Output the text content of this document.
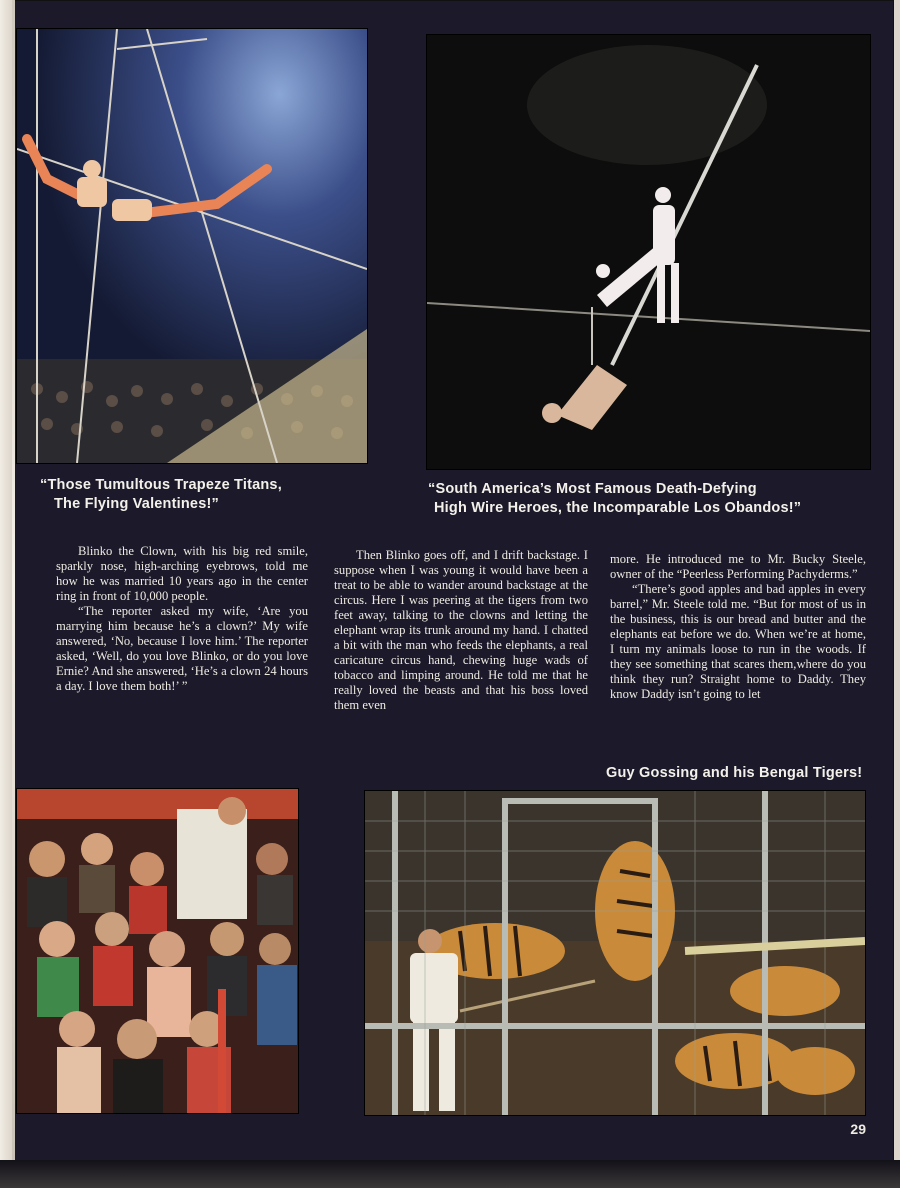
“Those Tumultous Trapeze Titans,
The Flying Valentines!”
“South America’s Most Famous Death-Defying
High Wire Heroes, the Incomparable Los Obandos!”

Blinko the Clown, with his big red smile, sparkly nose, high-arching eyebrows, told me how he was married 10 years ago in the center ring in front of 10,000 people.

“The reporter asked my wife, ‘Are you marrying him because he’s a clown?’ My wife answered, ‘No, because I love him.’ The reporter asked, ‘Well, do you love Blinko, or do you love Ernie? And she answered, ‘He’s a clown 24 hours a day. I love them both!’ ”

Then Blinko goes off, and I drift backstage. I suppose when I was young it would have been a treat to be able to wander around backstage at the circus. Here I was peering at the tigers from two feet away, talking to the clowns and letting the elephant wrap its trunk around my hand. I chatted a bit with the man who feeds the elephants, a real caricature circus hand, chewing huge wads of tobacco and limping around. He told me that he really loved the beasts and that his boss loved them even

more. He introduced me to Mr. Bucky Steele, owner of the “Peerless Performing Pachyderms.”

“There’s good apples and bad apples in every barrel,” Mr. Steele told me. “But for most of us in the business, this is our bread and butter and the elephants eat before we do. When we’re at home, I turn my animals loose to run in the woods. If they see something that scares them,where do you think they run? Straight home to Daddy. They know Daddy isn’t going to let

Guy Gossing and his Bengal Tigers!
29
